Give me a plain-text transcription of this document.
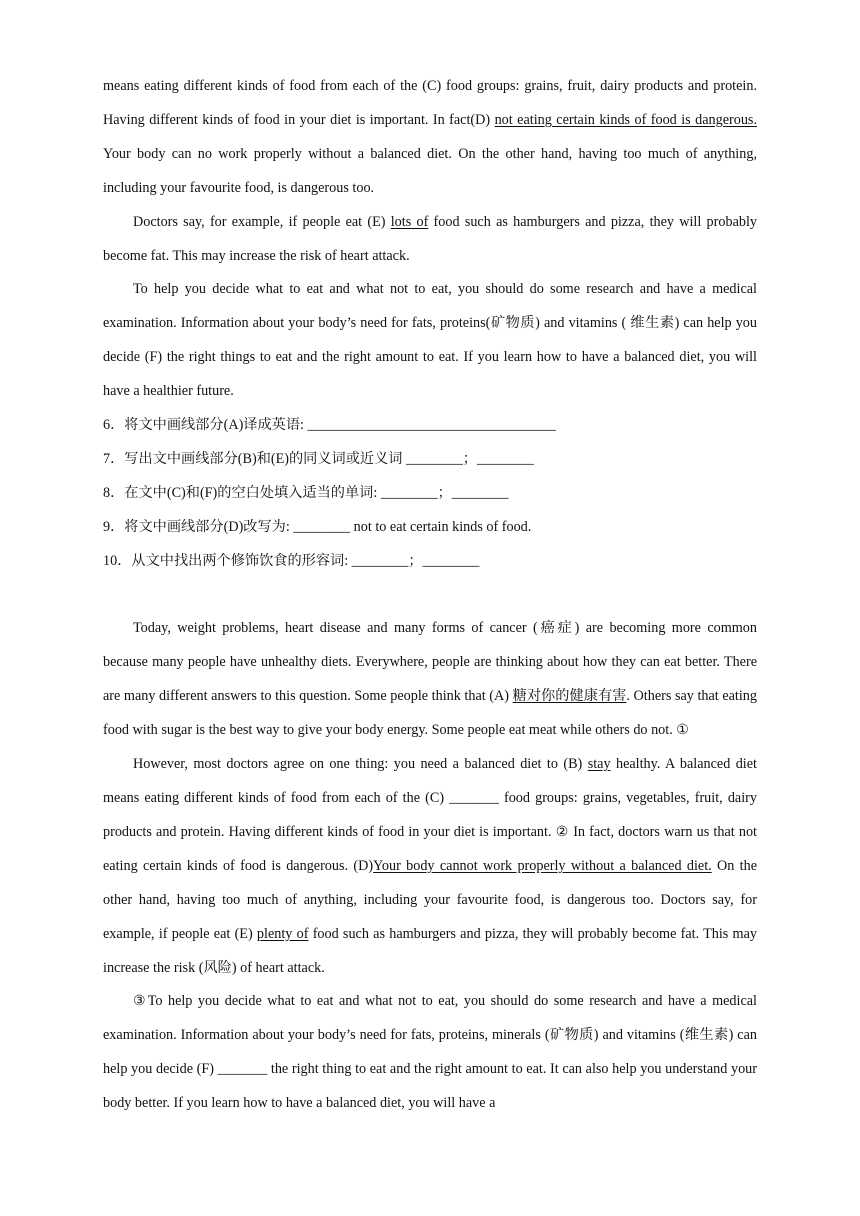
means eating different kinds of food from each of the (C) food groups: grains, fruit, dairy products and protein. Having different kinds of food in your diet is important. In fact(D) not eating certain kinds of food is dangerous. Your body can no work properly without a balanced diet. On the other hand, having too much of anything, including your favourite food, is dangerous too.

Doctors say, for example, if people eat (E) lots of food such as hamburgers and pizza, they will probably become fat. This may increase the risk of heart attack.

To help you decide what to eat and what not to eat, you should do some research and have a medical examination. Information about your body’s need for fats, proteins(矿物质) and vitamins ( 维生素) can help you decide (F) the right things to eat and the right amount to eat. If you learn how to have a balanced diet, you will have a healthier future.

6．将文中画线部分(A)译成英语: ___________________________________

7．写出文中画线部分(B)和(E)的同义词或近义词 ________；________

8．在文中(C)和(F)的空白处填入适当的单词: ________；________

9．将文中画线部分(D)改写为: ________ not to eat certain kinds of food.

10．从文中找出两个修饰饮食的形容词: ________；________

Today, weight problems, heart disease and many forms of cancer (癌症) are becoming more common because many people have unhealthy diets. Everywhere, people are thinking about how they can eat better. There are many different answers to this question. Some people think that (A) 糖对你的健康有害. Others say that eating food with sugar is the best way to give your body energy. Some people eat meat while others do not. ①

However, most doctors agree on one thing: you need a balanced diet to (B) stay healthy. A balanced diet means eating different kinds of food from each of the (C) _______ food groups: grains, vegetables, fruit, dairy products and protein. Having different kinds of food in your diet is important. ② In fact, doctors warn us that not eating certain kinds of food is dangerous. (D)Your body cannot work properly without a balanced diet. On the other hand, having too much of anything, including your favourite food, is dangerous too. Doctors say, for example, if people eat (E) plenty of food such as hamburgers and pizza, they will probably become fat. This may increase the risk (风险) of heart attack.

③To help you decide what to eat and what not to eat, you should do some research and have a medical examination. Information about your body’s need for fats, proteins, minerals (矿物质) and vitamins (维生素) can help you decide (F) _______ the right thing to eat and the right amount to eat. It can also help you understand your body better. If you learn how to have a balanced diet, you will have a
